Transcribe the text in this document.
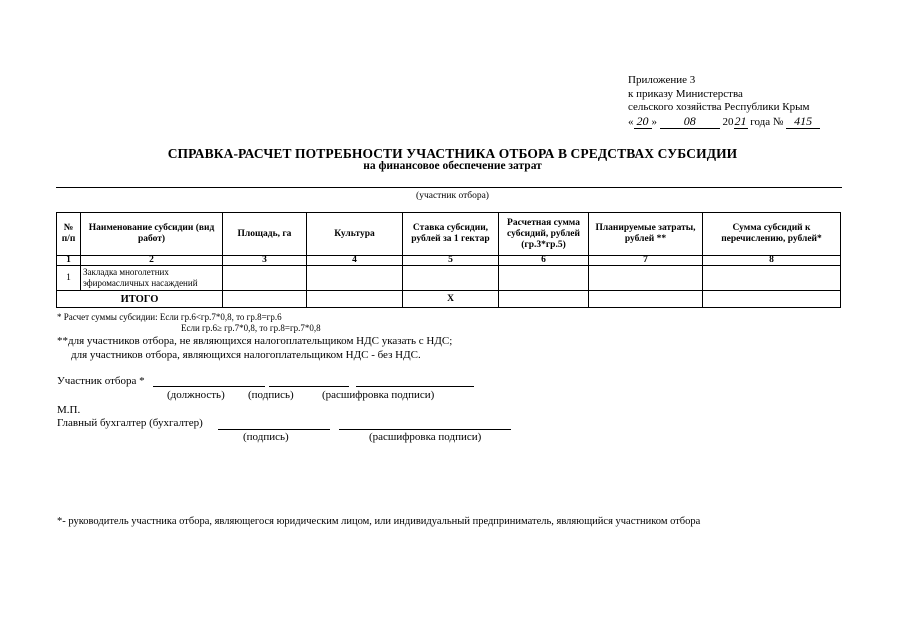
Приложение 3
к приказу Министерства
сельского хозяйства Республики Крым
« 20 » 08 2021 года № 415
СПРАВКА-РАСЧЕТ ПОТРЕБНОСТИ УЧАСТНИКА ОТБОРА В СРЕДСТВАХ СУБСИДИИ
на финансовое обеспечение затрат
(участник отбора)
№ п/п	Наименование субсидии (вид работ)	Площадь, га	Культура	Ставка субсидии, рублей за 1 гектар	Расчетная сумма субсидий, рублей (гр.3*гр.5)	Планируемые затраты, рублей **	Сумма субсидий к перечислению, рублей*
1	2	3	4	5	6	7	8
1	Закладка многолетних эфиромасличных насаждений						
ИТОГО				X			
* Расчет суммы субсидии: Если гр.6<гр.7*0,8, то гр.8=гр.6
Если гр.6≥ гр.7*0,8, то гр.8=гр.7*0,8
**для участников отбора, не являющихся налогоплательщиком НДС указать с НДС;
для участников отбора, являющихся налогоплательщиком НДС - без НДС.
Участник отбора *
(должность) (подпись)	(расшифровка подписи)
М.П.
Главный бухгалтер (бухгалтер)
(подпись)	(расшифровка подписи)
*- руководитель участника отбора, являющегося юридическим лицом, или индивидуальный предприниматель, являющийся участником отбора
